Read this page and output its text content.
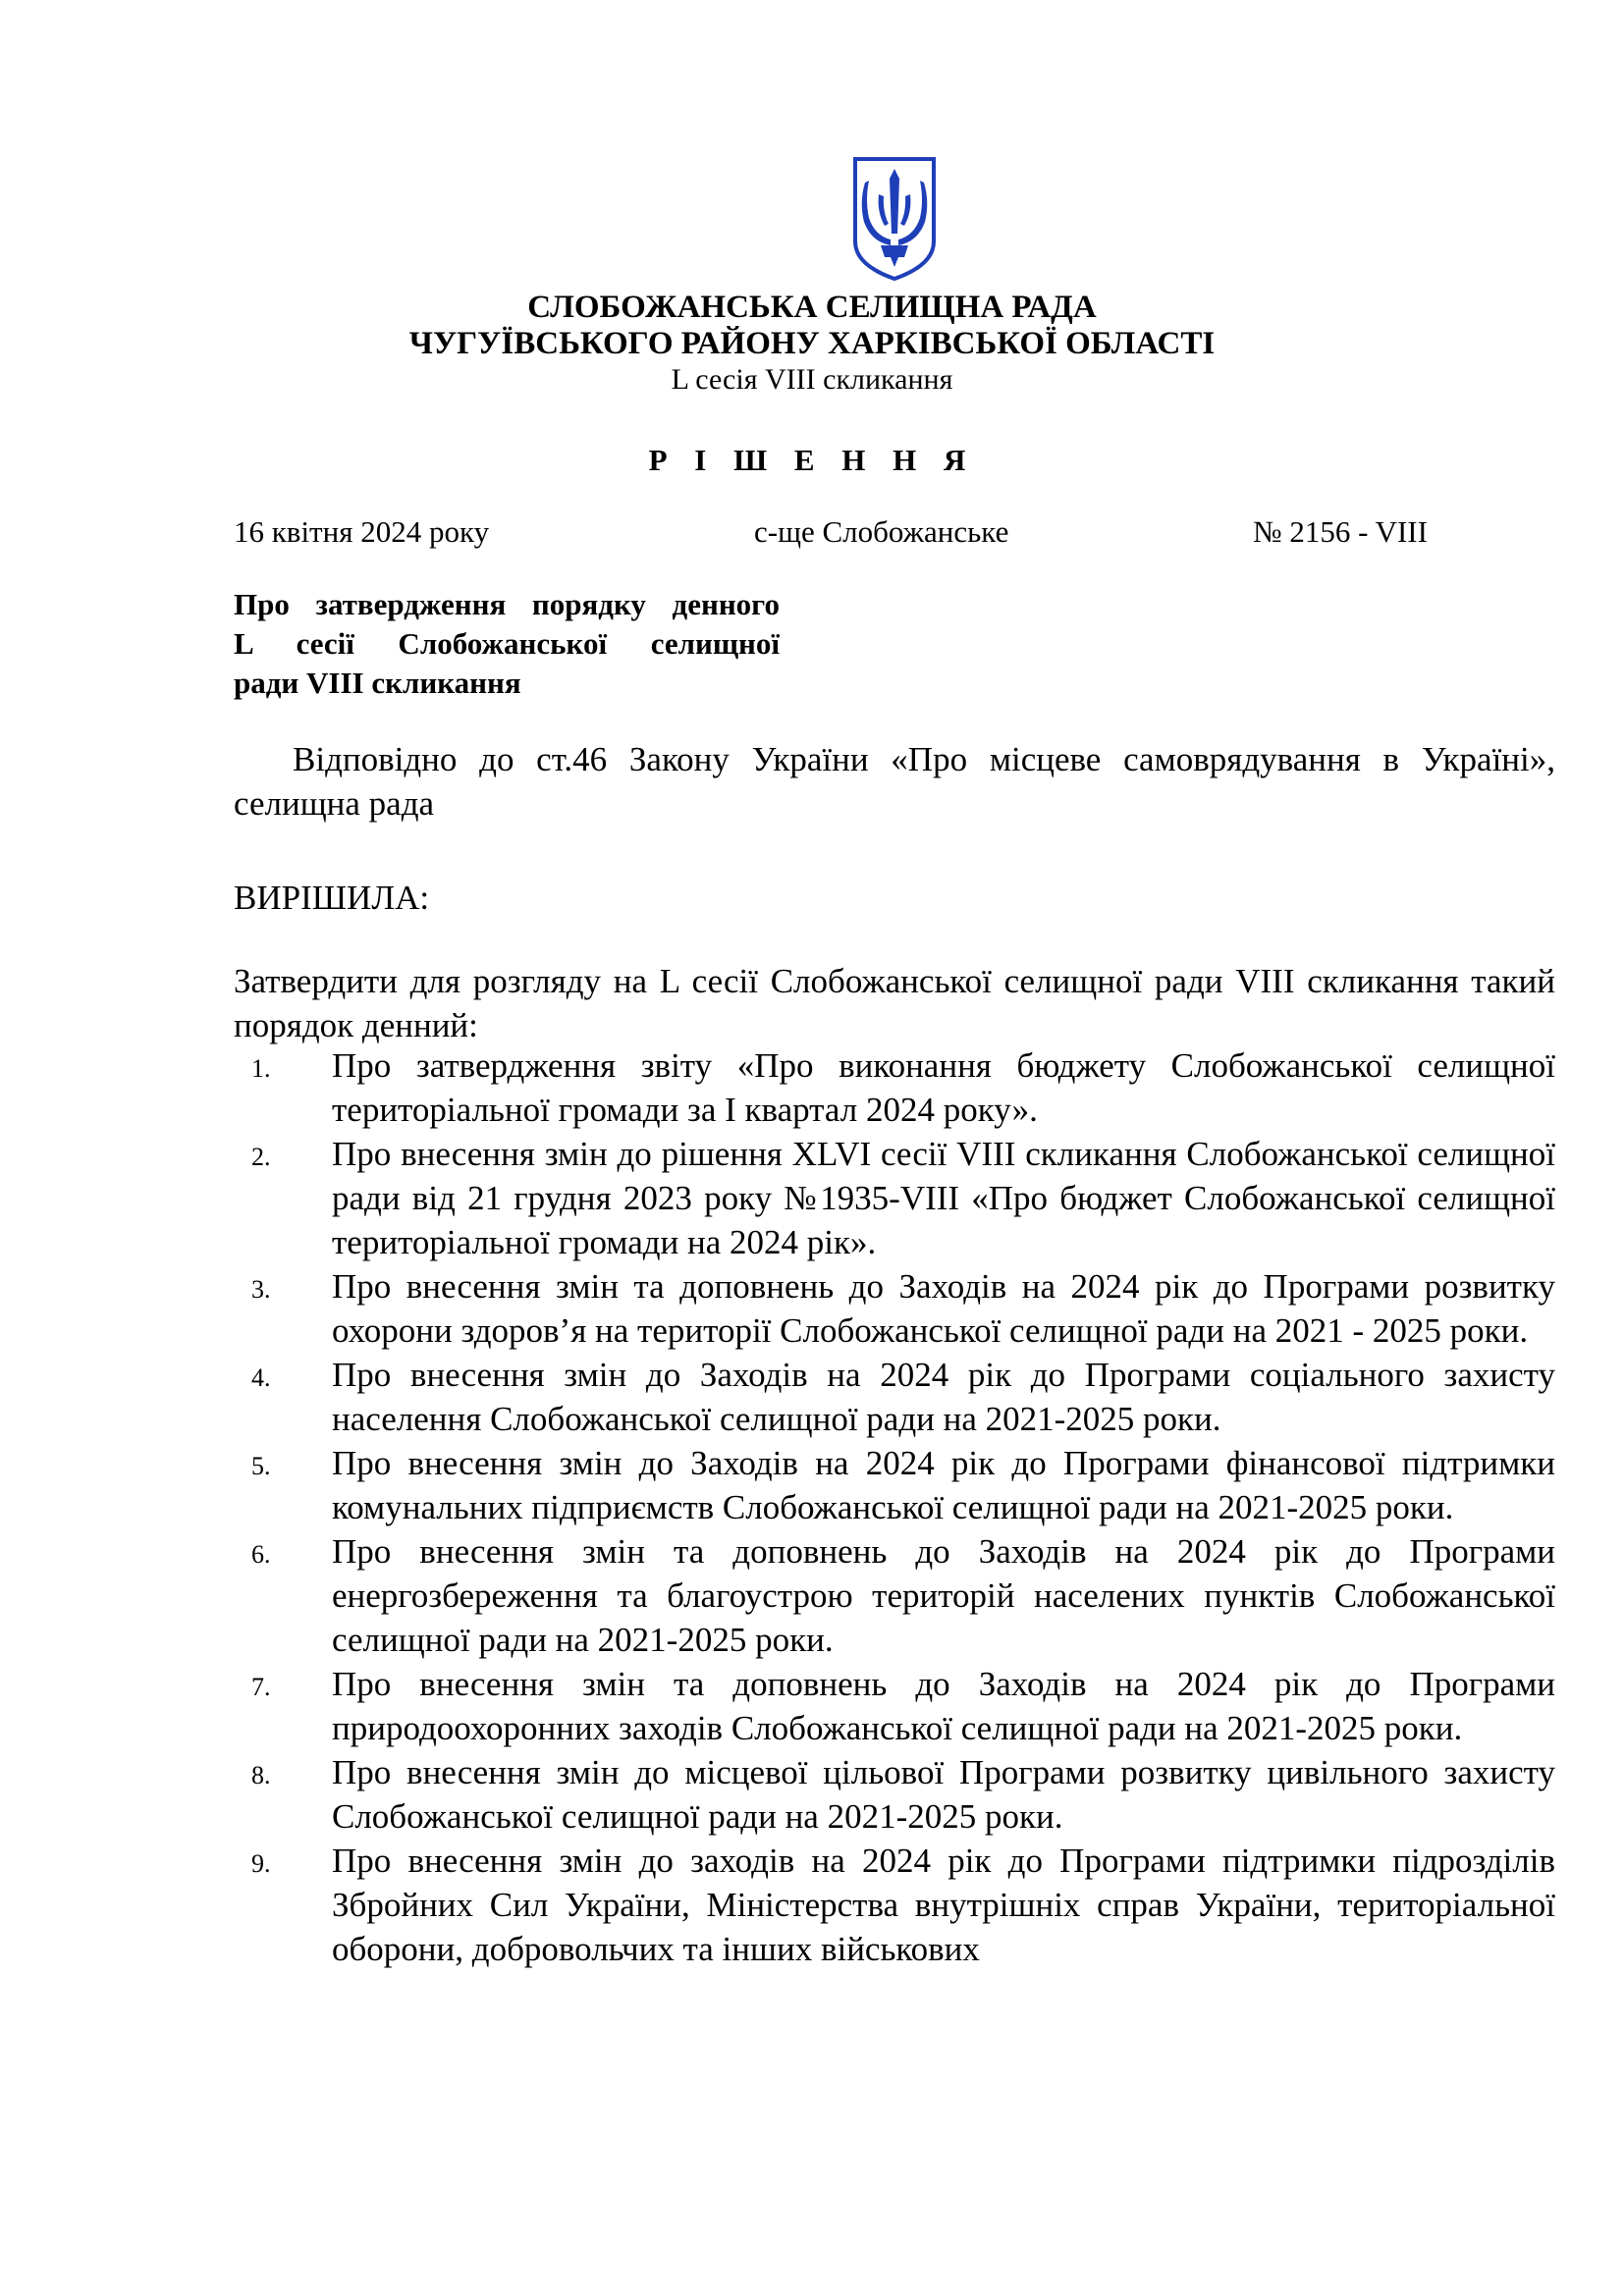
СЛОБОЖАНСЬКА СЕЛИЩНА РАДА
ЧУГУЇВСЬКОГО РАЙОНУ ХАРКІВСЬКОЇ ОБЛАСТІ
L сесія VIII скликання
Р І Ш Е Н Н Я
16 квітня 2024 року	с-ще Слобожанське	№ 2156 - VIII
Про затвердження порядку денного
L сесії Слобожанської селищної
ради VIII скликання
Відповідно до ст.46 Закону України «Про місцеве самоврядування в Україні», селищна рада
ВИРІШИЛА:
Затвердити для розгляду на L сесії Слобожанської селищної ради VIII скликання такий порядок денний:
1. Про затвердження звіту «Про виконання бюджету Слобожанської селищної територіальної громади за I квартал 2024 року».
2. Про внесення змін до рішення XLVI сесії VIII скликання Слобожанської селищної ради від 21 грудня 2023 року №1935-VIII «Про бюджет Слобожанської селищної територіальної громади на 2024 рік».
3. Про внесення змін та доповнень до Заходів на 2024 рік до Програми розвитку охорони здоров’я на території Слобожанської селищної ради на 2021 - 2025 роки.
4. Про внесення змін до Заходів на 2024 рік до Програми соціального захисту населення Слобожанської селищної ради на 2021-2025 роки.
5. Про внесення змін до Заходів на 2024 рік до Програми фінансової підтримки комунальних підприємств Слобожанської селищної ради на 2021-2025 роки.
6. Про внесення змін та доповнень до Заходів на 2024 рік до Програми енергозбереження та благоустрою територій населених пунктів Слобожанської селищної ради на 2021-2025 роки.
7. Про внесення змін та доповнень до Заходів на 2024 рік до Програми природоохоронних заходів Слобожанської селищної ради на 2021-2025 роки.
8. Про внесення змін до місцевої цільової Програми розвитку цивільного захисту Слобожанської селищної ради на 2021-2025 роки.
9. Про внесення змін до заходів на 2024 рік до Програми підтримки підрозділів Збройних Сил України, Міністерства внутрішніх справ України, територіальної оборони, добровольчих та інших військових
